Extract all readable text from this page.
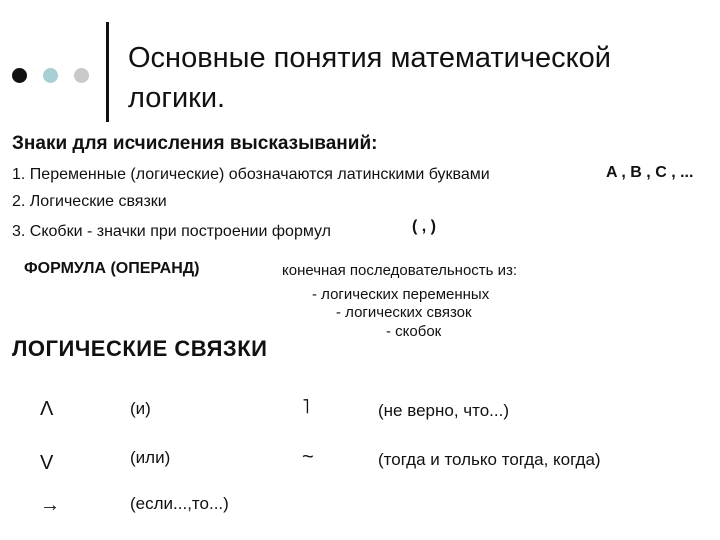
Основные понятия математической логики.
Знаки для исчисления высказываний:
1. Переменные (логические) обозначаются латинскими буквами	A , B , C , ...
2. Логические связки
3. Скобки - значки при построении формул	( , )
ФОРМУЛА (ОПЕРАНД)	конечная последовательность из:
- логических переменных
- логических связок
- скобок
ЛОГИЧЕСКИЕ СВЯЗКИ
Λ	(и)	˥	(не верно, что...)
V	(или)	~	(тогда и только тогда, когда)
→	(если...,то...)
